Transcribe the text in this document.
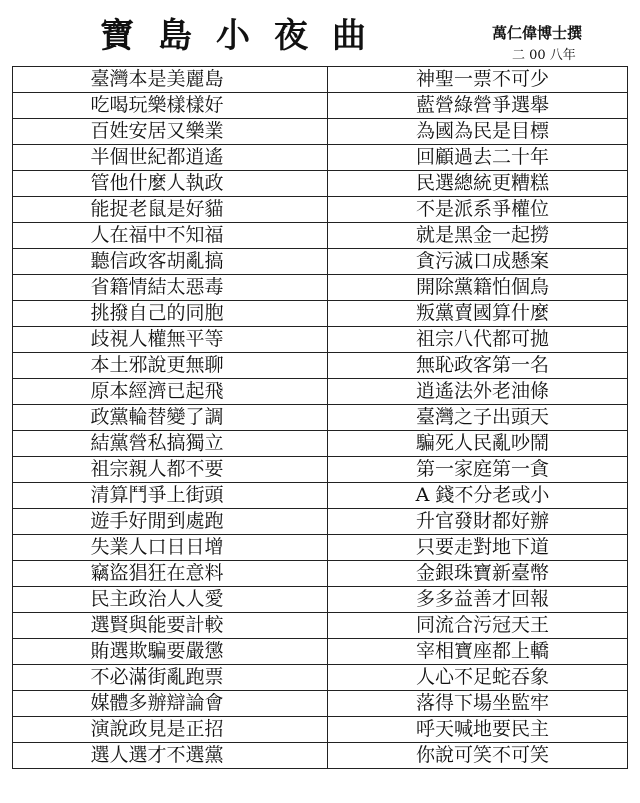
寶島小夜曲	萬仁偉博士撰
二 00 八年
臺灣本是美麗島	神聖一票不可少
吃喝玩樂樣樣好	藍營綠營爭選舉
百姓安居又樂業	為國為民是目標
半個世紀都逍遙	回顧過去二十年
管他什麼人執政	民選總統更糟糕
能捉老鼠是好貓	不是派系爭權位
人在福中不知福	就是黑金一起撈
聽信政客胡亂搞	貪污滅口成懸案
省籍情結太惡毒	開除黨籍怕個鳥
挑撥自己的同胞	叛黨賣國算什麼
歧視人權無平等	祖宗八代都可拋
本土邪說更無聊	無恥政客第一名
原本經濟已起飛	逍遙法外老油條
政黨輪替變了調	臺灣之子出頭天
結黨營私搞獨立	騙死人民亂吵鬧
祖宗親人都不要	第一家庭第一貪
清算鬥爭上街頭	A 錢不分老或小
遊手好閒到處跑	升官發財都好辦
失業人口日日增	只要走對地下道
竊盜猖狂在意料	金銀珠寶新臺幣
民主政治人人愛	多多益善才回報
選賢與能要計較	同流合污冠天王
賄選欺騙要嚴懲	宰相寶座都上轎
不必滿街亂跑票	人心不足蛇吞象
媒體多辦辯論會	落得下場坐監牢
演說政見是正招	呼天喊地要民主
選人選才不選黨	你說可笑不可笑
